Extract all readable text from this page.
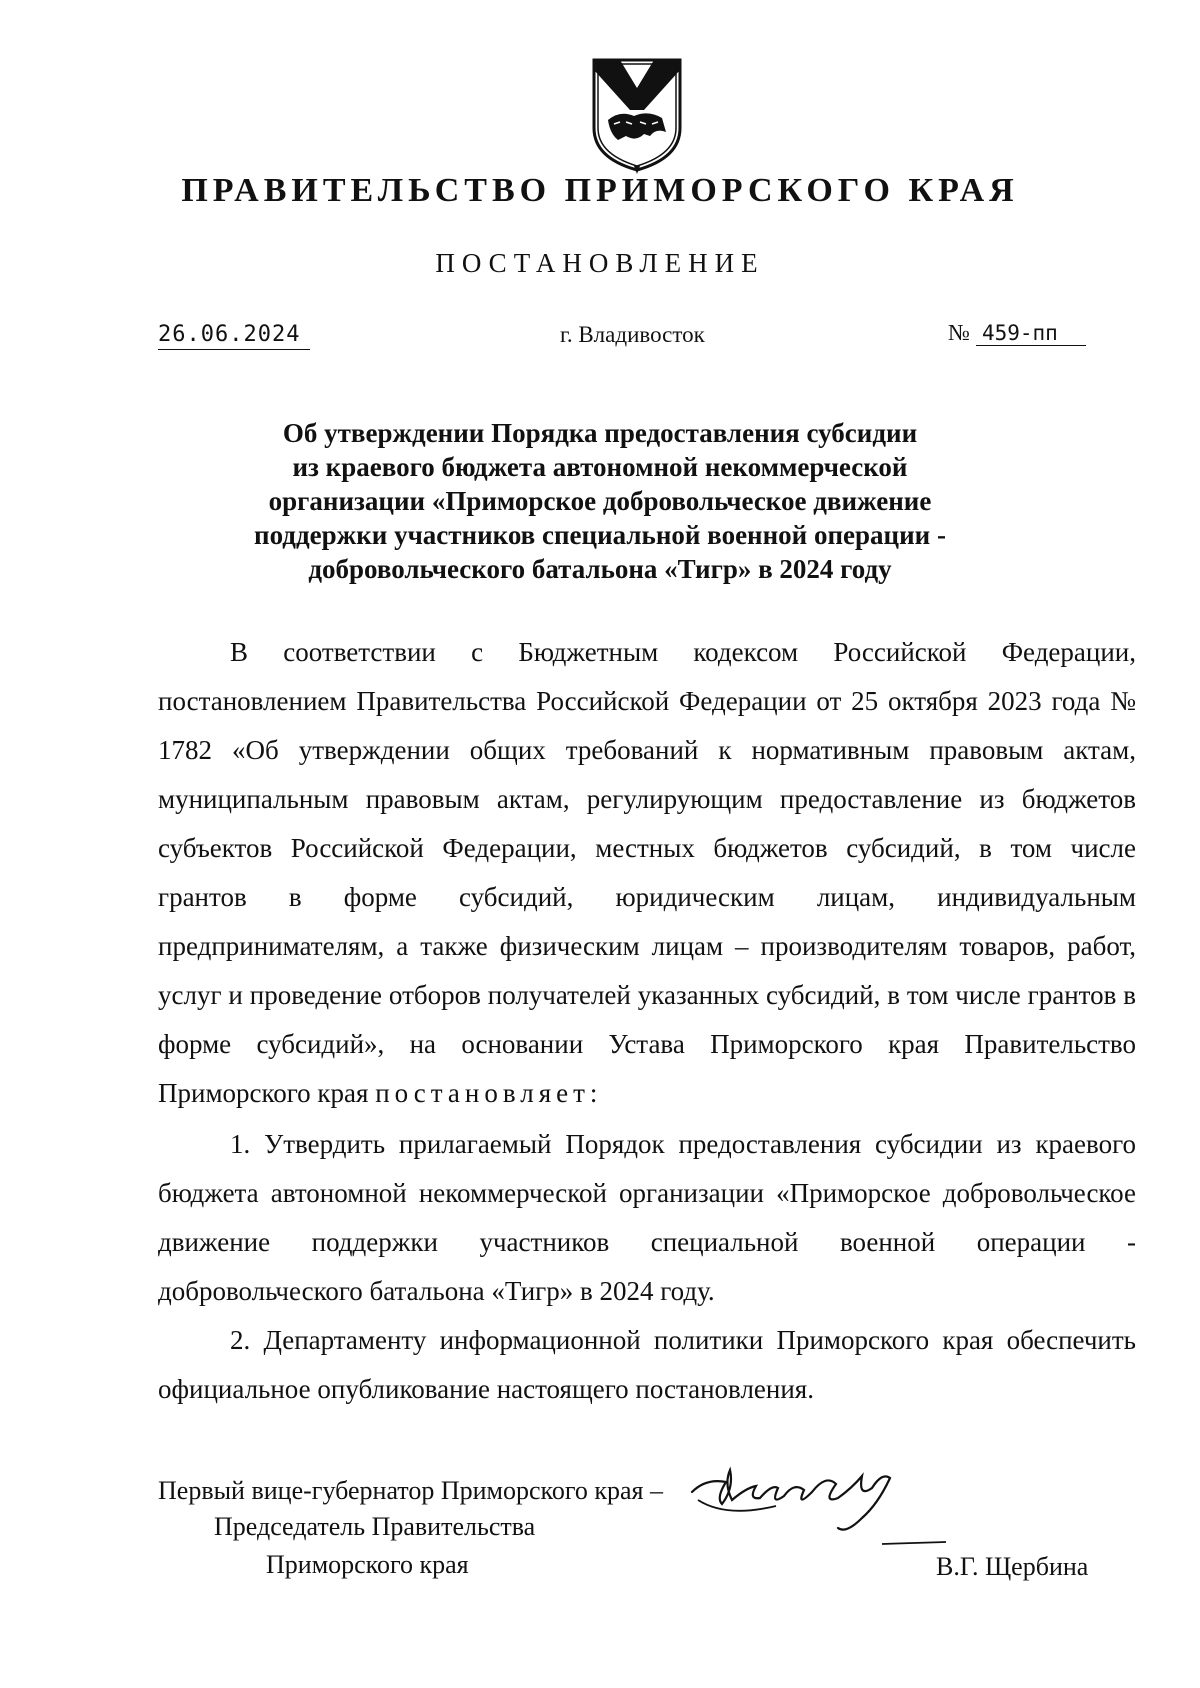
ПРАВИТЕЛЬСТВО ПРИМОРСКОГО КРАЯ
ПОСТАНОВЛЕНИЕ
26.06.2024	г. Владивосток	№ 459-пп
Об утверждении Порядка предоставления субсидии
из краевого бюджета автономной некоммерческой
организации «Приморское добровольческое движение
поддержки участников специальной военной операции -
добровольческого батальона «Тигр» в 2024 году

В соответствии с Бюджетным кодексом Российской Федерации, постановлением Правительства Российской Федерации от 25 октября 2023 года № 1782 «Об утверждении общих требований к нормативным правовым актам, муниципальным правовым актам, регулирующим предоставление из бюджетов субъектов Российской Федерации, местных бюджетов субсидий, в том числе грантов в форме субсидий, юридическим лицам, индивидуальным предпринимателям, а также физическим лицам – производителям товаров, работ, услуг и проведение отборов получателей указанных субсидий, в том числе грантов в форме субсидий», на основании Устава Приморского края Правительство Приморского края постановляет:

1. Утвердить прилагаемый Порядок предоставления субсидии из краевого бюджета автономной некоммерческой организации «Приморское добровольческое движение поддержки участников специальной военной операции - добровольческого батальона «Тигр» в 2024 году.

2. Департаменту информационной политики Приморского края обеспечить официальное опубликование настоящего постановления.

Первый вице-губернатор Приморского края –
Председатель Правительства
Приморского края	В.Г. Щербина
